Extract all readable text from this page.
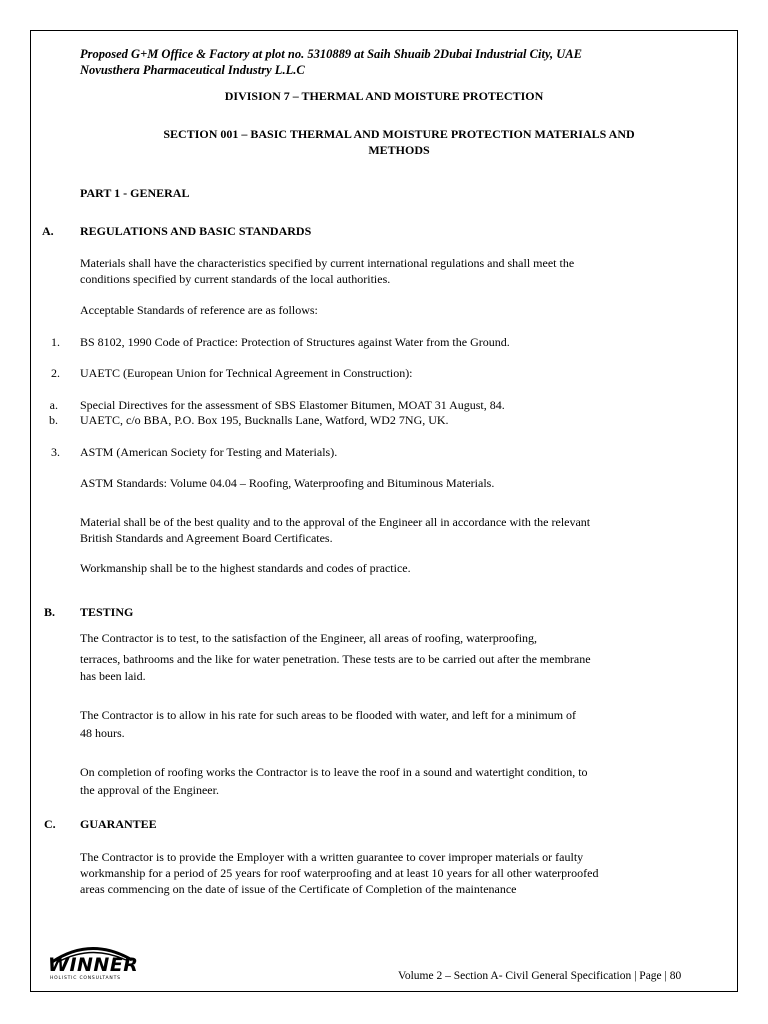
Proposed G+M Office & Factory at plot no. 5310889 at Saih Shuaib 2Dubai Industrial City, UAE
Novusthera Pharmaceutical Industry L.L.C
DIVISION 7 – THERMAL AND MOISTURE PROTECTION
SECTION 001 – BASIC THERMAL AND MOISTURE PROTECTION MATERIALS AND
METHODS
PART 1 - GENERAL
A. REGULATIONS AND BASIC STANDARDS
Materials shall have the characteristics specified by current international regulations and shall meet the
conditions specified by current standards of the local authorities.
Acceptable Standards of reference are as follows:
1. BS 8102, 1990 Code of Practice: Protection of Structures against Water from the Ground.
2. UAETC (European Union for Technical Agreement in Construction):
a. Special Directives for the assessment of SBS Elastomer Bitumen, MOAT 31 August, 84.
b. UAETC, c/o BBA, P.O. Box 195, Bucknalls Lane, Watford, WD2 7NG, UK.
3. ASTM (American Society for Testing and Materials).
ASTM Standards: Volume 04.04 – Roofing, Waterproofing and Bituminous Materials.
Material shall be of the best quality and to the approval of the Engineer all in accordance with the relevant
British Standards and Agreement Board Certificates.
Workmanship shall be to the highest standards and codes of practice.
B. TESTING
The Contractor is to test, to the satisfaction of the Engineer, all areas of roofing, waterproofing,
terraces, bathrooms and the like for water penetration. These tests are to be carried out after the membrane
has been laid.
The Contractor is to allow in his rate for such areas to be flooded with water, and left for a minimum of
48 hours.
On completion of roofing works the Contractor is to leave the roof in a sound and watertight condition, to
the approval of the Engineer.
C. GUARANTEE
The Contractor is to provide the Employer with a written guarantee to cover improper materials or faulty
workmanship for a period of 25 years for roof waterproofing and at least 10 years for all other waterproofed
areas commencing on the date of issue of the Certificate of Completion of the maintenance
WINNER
HOLISTIC CONSULTANTS	Volume 2 – Section A- Civil General Specification | Page | 80
